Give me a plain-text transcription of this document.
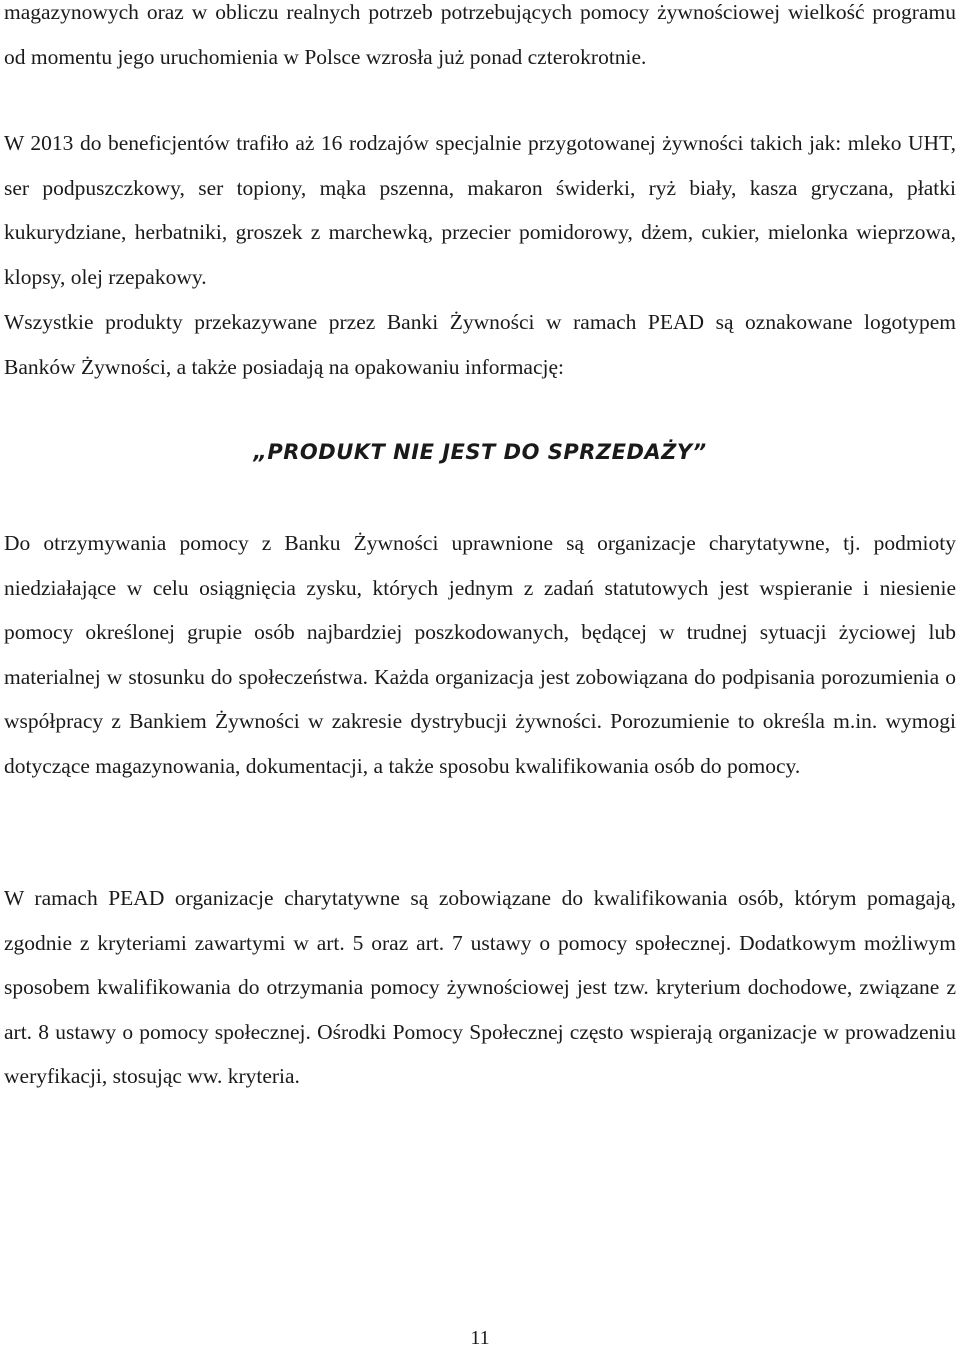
magazynowych oraz w obliczu realnych potrzeb potrzebujących pomocy żywnościowej wielkość programu od momentu jego uruchomienia w Polsce wzrosła już ponad czterokrotnie.

W 2013 do beneficjentów trafiło aż 16 rodzajów specjalnie przygotowanej żywności takich jak: mleko UHT, ser podpuszczkowy, ser topiony, mąka pszenna, makaron świderki, ryż biały, kasza gryczana, płatki kukurydziane, herbatniki, groszek z marchewką, przecier pomidorowy, dżem, cukier, mielonka wieprzowa, klopsy, olej rzepakowy.

Wszystkie produkty przekazywane przez Banki Żywności w ramach PEAD są oznakowane logotypem Banków Żywności, a także posiadają na opakowaniu informację:

„PRODUKT NIE JEST DO SPRZEDAŻY”

Do otrzymywania pomocy z Banku Żywności uprawnione są organizacje charytatywne, tj. podmioty niedziałające w celu osiągnięcia zysku, których jednym z zadań statutowych jest wspieranie i niesienie pomocy określonej grupie osób najbardziej poszkodowanych, będącej w trudnej sytuacji życiowej lub materialnej w stosunku do społeczeństwa. Każda organizacja jest zobowiązana do podpisania porozumienia o współpracy z Bankiem Żywności w zakresie dystrybucji żywności. Porozumienie to określa m.in. wymogi dotyczące magazynowania, dokumentacji, a także sposobu kwalifikowania osób do pomocy.

W ramach PEAD organizacje charytatywne są zobowiązane do kwalifikowania osób, którym pomagają, zgodnie z kryteriami zawartymi w art. 5 oraz art. 7 ustawy o pomocy społecznej. Dodatkowym możliwym sposobem kwalifikowania do otrzymania pomocy żywnościowej jest tzw. kryterium dochodowe, związane z art. 8 ustawy o pomocy społecznej. Ośrodki Pomocy Społecznej często wspierają organizacje w prowadzeniu weryfikacji, stosując ww. kryteria.

11
